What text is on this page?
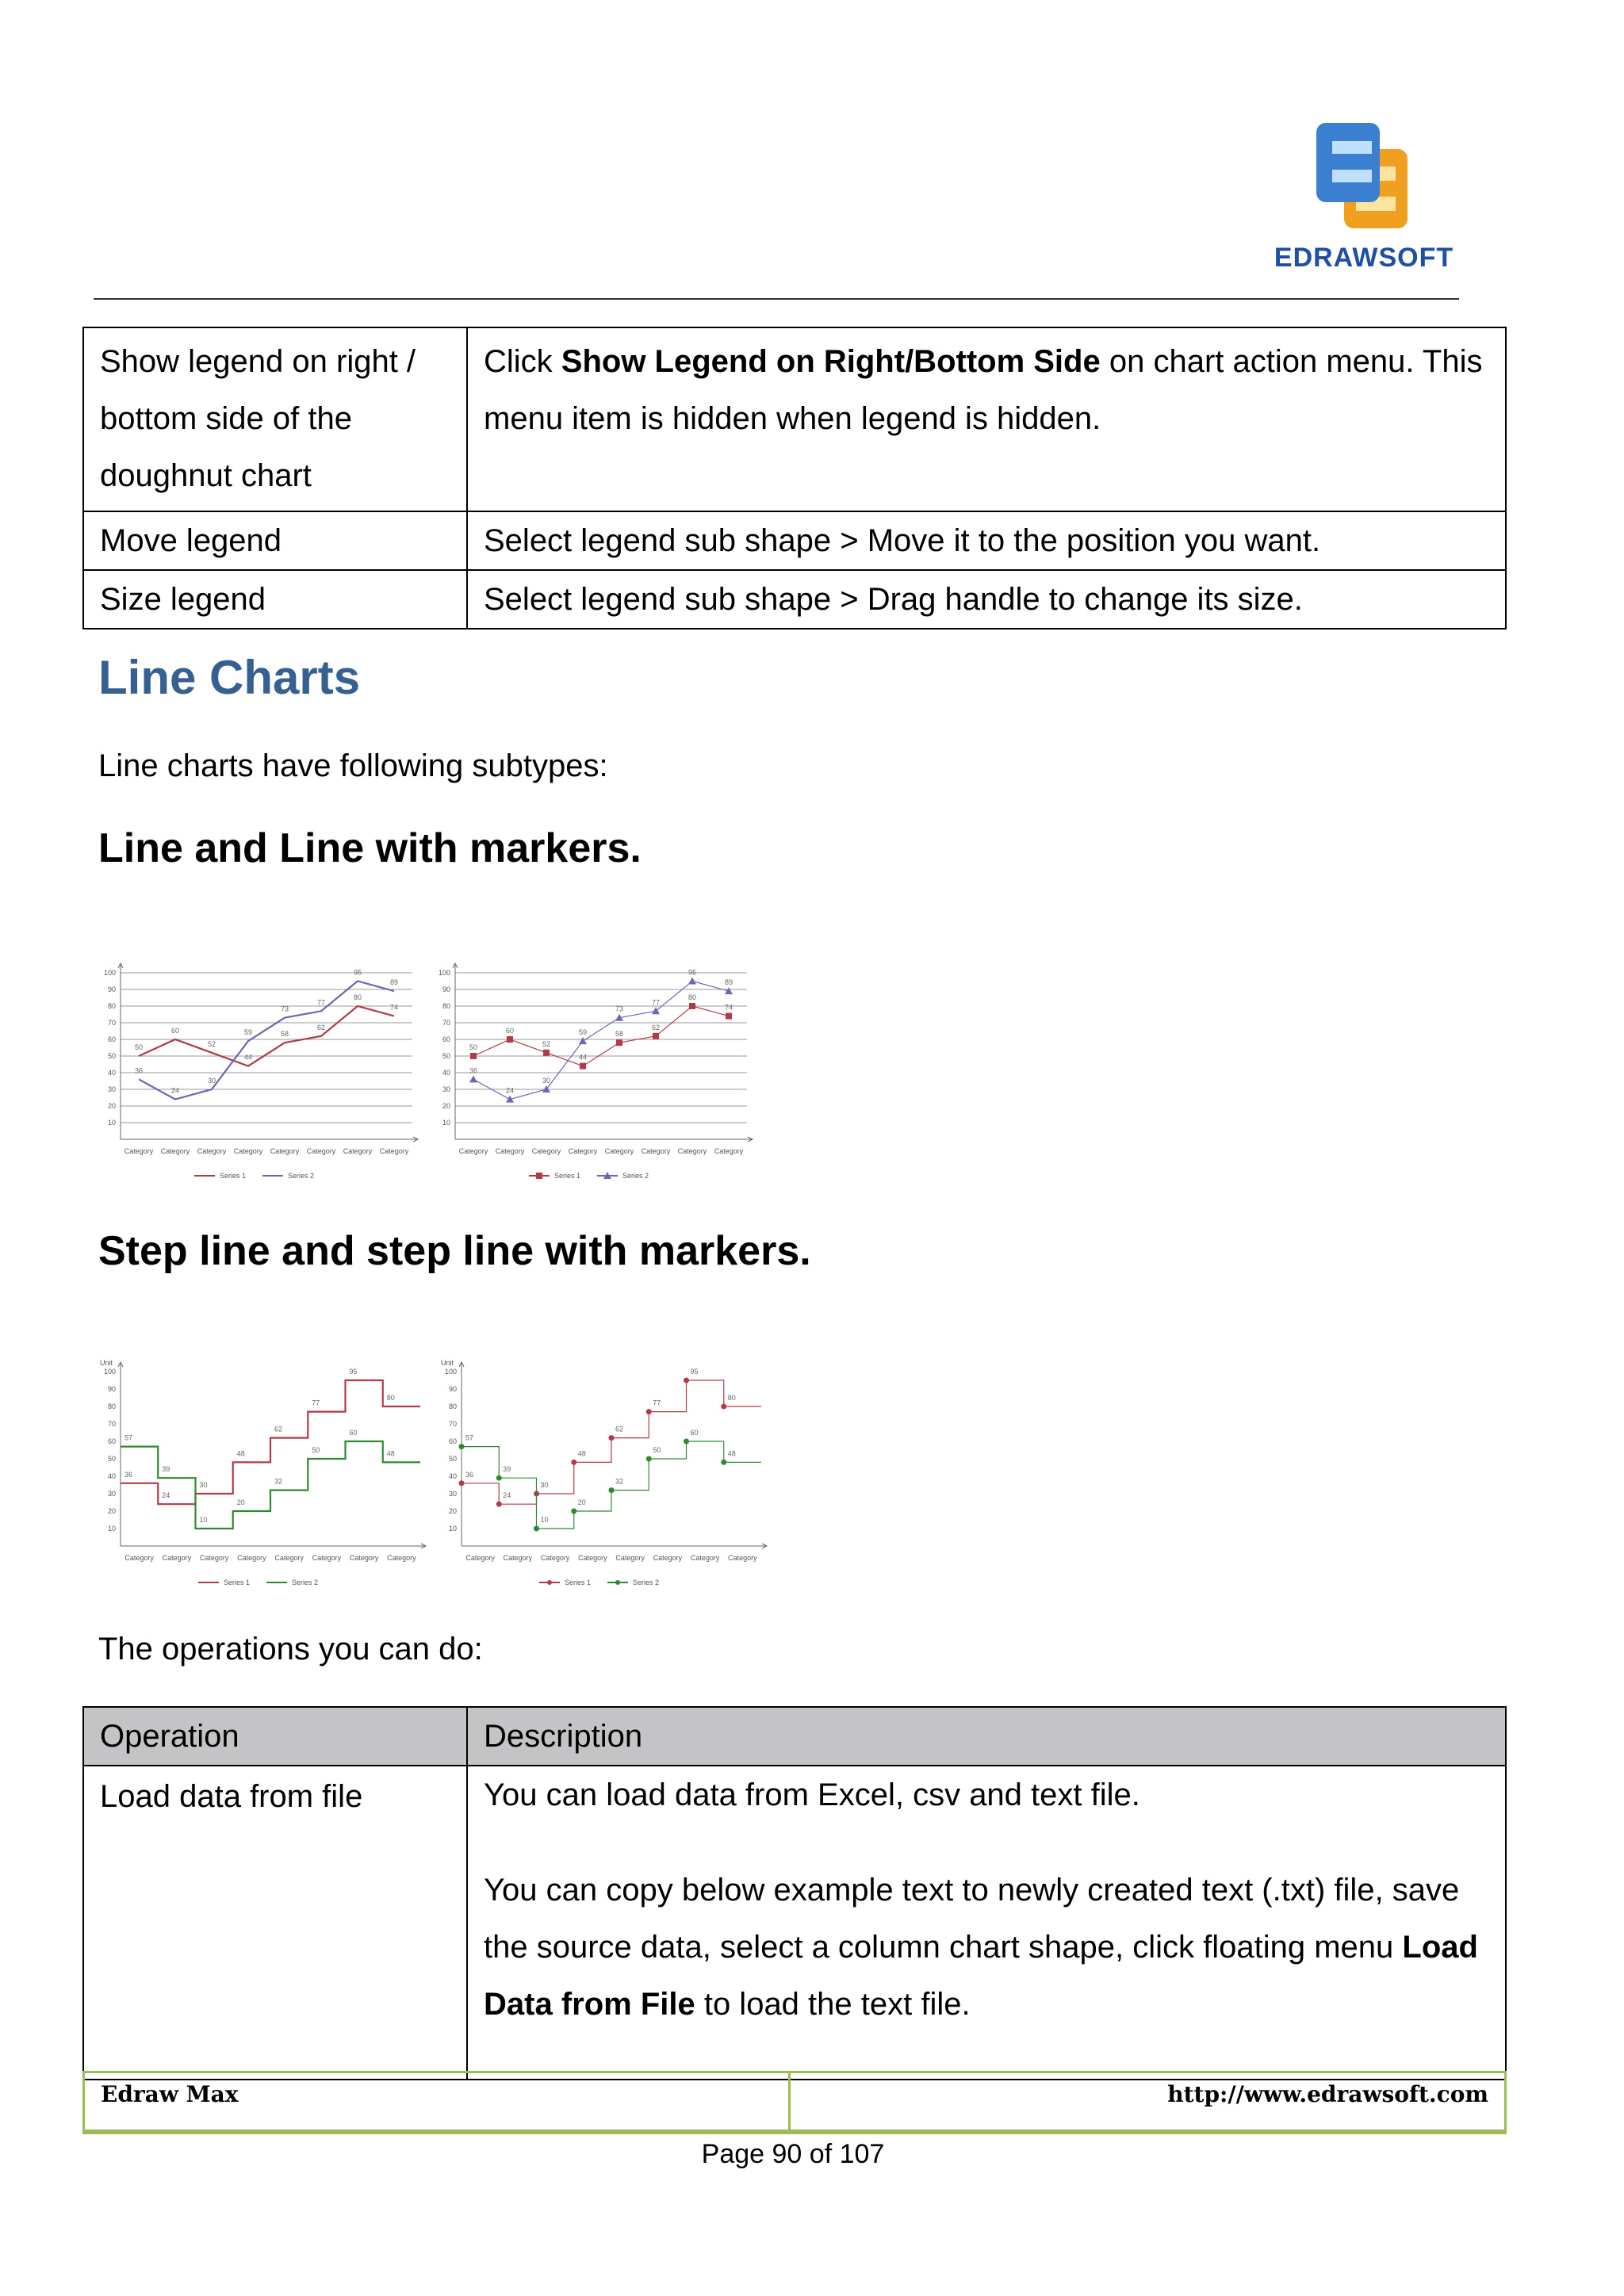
EDRAWSOFT
Show legend on right / bottom side of the doughnut chart	Click Show Legend on Right/Bottom Side on chart action menu. This menu item is hidden when legend is hidden.
Move legend	Select legend sub shape > Move it to the position you want.
Size legend	Select legend sub shape > Drag handle to change its size.
Line Charts
Line charts have following subtypes:
Line and Line with markers.
10
20
30
40
50
60
70
80
90
100
Category Category Category Category Category Category Category Category
50
60
52
44
58
62
80
74
36
24
30
59
73
77
95
89
Series 1	Series 2
10
20
30
40
50
60
70
80
90
100
Category Category Category Category Category Category Category Category
50
60
52
44
58
62
80
74
36
24
30
59
73
77
95
89
Series 1	Series 2
Step line and step line with markers.
Unit
10
20
30
40
50
60
70
80
90
100
Category Category Category Category Category Category Category Category
36
24
30
48
62
77
95
80
57
39
10
20
32
50
60
48
Series 1	Series 2
Unit
10
20
30
40
50
60
70
80
90
100
Category Category Category Category Category Category Category Category
36
24
30
48
62
77
95
80
57
39
10
20
32
50
60
48
Series 1	Series 2
The operations you can do:
Operation	Description
Load data from file	You can load data from Excel, csv and text file.
You can copy below example text to newly created text (.txt) file, save the source data, select a column chart shape, click floating menu Load Data from File to load the text file.
Edraw Max	http://www.edrawsoft.com
Page 90 of 107
